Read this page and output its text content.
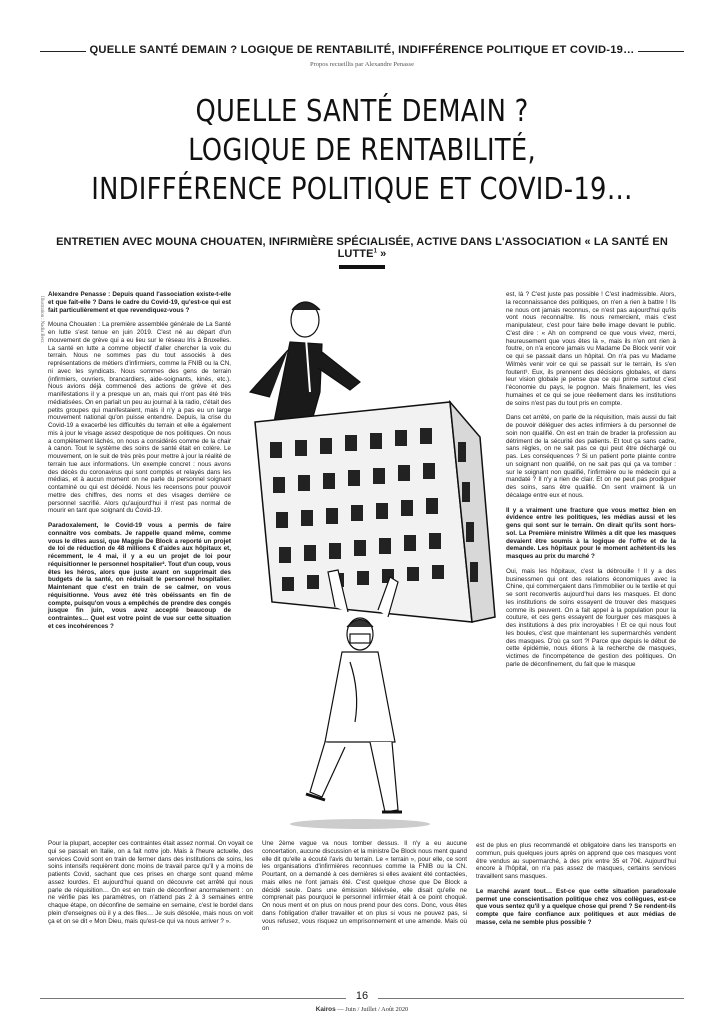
QUELLE SANTÉ DEMAIN ? LOGIQUE DE RENTABILITÉ, INDIFFÉRENCE POLITIQUE ET COVID-19…
Propos recueillis par Alexandre Penasse
QUELLE SANTÉ DEMAIN ?
LOGIQUE DE RENTABILITÉ,
INDIFFÉRENCE POLITIQUE ET COVID-19…
ENTRETIEN AVEC MOUNA CHOUATEN, INFIRMIÈRE SPÉCIALISÉE, ACTIVE DANS L'ASSOCIATION « LA SANTÉ EN LUTTE$^1$ »
Illustration : Nadia Berz

Alexandre Penasse : Depuis quand l'association existe-t-elle et que fait-elle ? Dans le cadre du Covid-19, qu'est-ce qui est fait particulièrement et que revendiquez-vous ?

Mouna Chouaten : La première assemblée générale de La Santé en lutte s'est tenue en juin 2019. C'est né au départ d'un mouvement de grève qui a eu lieu sur le réseau Iris à Bruxelles. La santé en lutte a comme objectif d'aller chercher la voix du terrain. Nous ne sommes pas du tout associés à des représentations de métiers d'infirmiers, comme la FNIB ou la CN, ni avec les syndicats. Nous sommes des gens de terrain (infirmiers, ouvriers, brancardiers, aide-soignants, kinés, etc.). Nous avions déjà commencé des actions de grève et des manifestations il y a presque un an, mais qui n'ont pas été très médiatisées. On en parlait un peu au journal à la radio, c'était des petits groupes qui manifestaient, mais il n'y a pas eu un large mouvement national qu'on puisse entendre. Depuis, la crise du Covid-19 a exacerbé les difficultés du terrain et elle a également mis à jour le visage assez despotique de nos politiques. On nous a complètement lâchés, on nous a considérés comme de la chair à canon. Tout le système des soins de santé était en colère. Le mouvement, on le suit de très près pour mettre à jour la réalité de terrain tue aux informations. Un exemple concret : nous avons des décès du coronavirus qui sont comptés et relayés dans les médias, et à aucun moment on ne parle du personnel soignant contaminé ou qui est décédé. Nous les recensons pour pouvoir mettre des chiffres, des noms et des visages derrière ce personnel sacrifié. Alors qu'aujourd'hui il n'est pas normal de mourir en tant que soignant du Covid-19.

Paradoxalement, le Covid-19 vous a permis de faire connaître vos combats. Je rappelle quand même, comme vous le dites aussi, que Maggie De Block a reporté un projet de loi de réduction de 48 millions € d'aides aux hôpitaux et, récemment, le 4 mai, il y a eu un projet de loi pour réquisitionner le personnel hospitalier². Tout d'un coup, vous êtes les héros, alors que juste avant on supprimait des budgets de la santé, on réduisait le personnel hospitalier. Maintenant que c'est en train de se calmer, on vous réquisitionne. Vous avez été très obéissants en fin de compte, puisqu'on vous a empêchés de prendre des congés jusque fin juin, vous avez accepté beaucoup de contraintes… Quel est votre point de vue sur cette situation et ces incohérences ?

est, là ? C'est juste pas possible ! C'est inadmissible. Alors, la reconnaissance des politiques, on n'en a rien à battre ! Ils ne nous ont jamais reconnus, ce n'est pas aujourd'hui qu'ils vont nous reconnaître. Ils nous remercient, mais c'est manipulateur, c'est pour faire belle image devant le public. C'est dire : « Ah on comprend ce que vous vivez, merci, heureusement que vous êtes là », mais ils n'en ont rien à foutre, on n'a encore jamais vu Madame De Block venir voir ce qui se passait dans un hôpital. On n'a pas vu Madame Wilmès venir voir ce qui se passait sur le terrain, ils s'en foutent³. Eux, ils prennent des décisions globales, et dans leur vision globale je pense que ce qui prime surtout c'est l'économie du pays, le pognon. Mais finalement, les vies humaines et ce qui se joue réellement dans les institutions de soins n'est pas du tout pris en compte.

Dans cet arrêté, on parle de la réquisition, mais aussi du fait de pouvoir déléguer des actes infirmiers à du personnel de soin non qualifié. On est en train de brader la profession au détriment de la sécurité des patients. Et tout ça sans cadre, sans règles, on ne sait pas ce qui peut être déchargé ou pas. Les conséquences ? Si un patient porte plainte contre un soignant non qualifié, on ne sait pas qui ça va tomber : sur le soignant non qualifié, l'infirmière ou le médecin qui a mandaté ? Il n'y a rien de clair. Et on ne peut pas prodiguer des soins, sans être qualifié. On sent vraiment là un décalage entre eux et nous.

Il y a vraiment une fracture que vous mettez bien en évidence entre les politiques, les médias aussi et les gens qui sont sur le terrain. On dirait qu'ils sont hors-sol. La Première ministre Wilmès a dit que les masques devaient être soumis à la logique de l'offre et de la demande. Les hôpitaux pour le moment achètent-ils les masques au prix du marché ?

Oui, mais les hôpitaux, c'est la débrouille ! Il y a des businessmen qui ont des relations économiques avec la Chine, qui commerçaient dans l'immobilier ou le textile et qui se sont reconvertis aujourd'hui dans les masques. Et donc les institutions de soins essayent de trouver des masques comme ils peuvent. On a fait appel à la population pour la couture, et ces gens essayent de fourguer ces masques à des institutions à des prix incroyables ! Et ce qui nous fout les boules, c'est que maintenant les supermarchés vendent des masques. D'où ça sort ?! Parce que depuis le début de cette épidémie, nous étions à la recherche de masques, victimes de l'incompétence de gestion des politiques. On parle de déconfinement, du fait que le masque

Pour la plupart, accepter ces contraintes était assez normal. On voyait ce qui se passait en Italie, on a fait notre job. Mais à l'heure actuelle, des services Covid sont en train de fermer dans des institutions de soins, les soins intensifs requièrent donc moins de travail parce qu'il y a moins de patients Covid, sachant que ces prises en charge sont quand même assez lourdes. Et aujourd'hui quand on découvre cet arrêté qui nous parle de réquisition… On est en train de déconfiner anormalement : on ne vérifie pas les paramètres, on n'attend pas 2 à 3 semaines entre chaque étape, on déconfine de semaine en semaine, c'est le bordel dans plein d'enseignes où il y a des files… Je suis désolée, mais nous on voit ça et on se dit « Mon Dieu, mais qu'est-ce qui va nous arriver ? ».

Une 2ème vague va nous tomber dessus. Il n'y a eu aucune concertation, aucune discussion et la ministre De Block nous ment quand elle dit qu'elle a écouté l'avis du terrain. Le « terrain », pour elle, ce sont les organisations d'infirmières reconnues comme la FNIB ou la CN. Pourtant, on a demandé à ces dernières si elles avaient été contactées, mais elles ne l'ont jamais été. C'est quelque chose que De Block a décidé seule. Dans une émission télévisée, elle disait qu'elle ne comprenait pas pourquoi le personnel infirmier était à ce point choqué. On nous ment et on plus on nous prend pour des cons. Donc, vous êtes dans l'obligation d'aller travailler et on plus si vous ne pouvez pas, si vous refusez, vous risquez un emprisonnement et une amende. Mais où on

est de plus en plus recommandé et obligatoire dans les transports en commun, puis quelques jours après on apprend que ces masques vont être vendus au supermarché, à des prix entre 35 et 70€. Aujourd'hui encore à l'hôpital, on n'a pas assez de masques, certains services travaillent sans masques.

Le marché avant tout… Est-ce que cette situation paradoxale permet une conscientisation politique chez vos collègues, est-ce que vous sentez qu'il y a quelque chose qui prend ? Se rendent-ils compte que faire confiance aux politiques et aux médias de masse, cela ne semble plus possible ?

16
Kairos — Juin / Juillet / Août 2020
